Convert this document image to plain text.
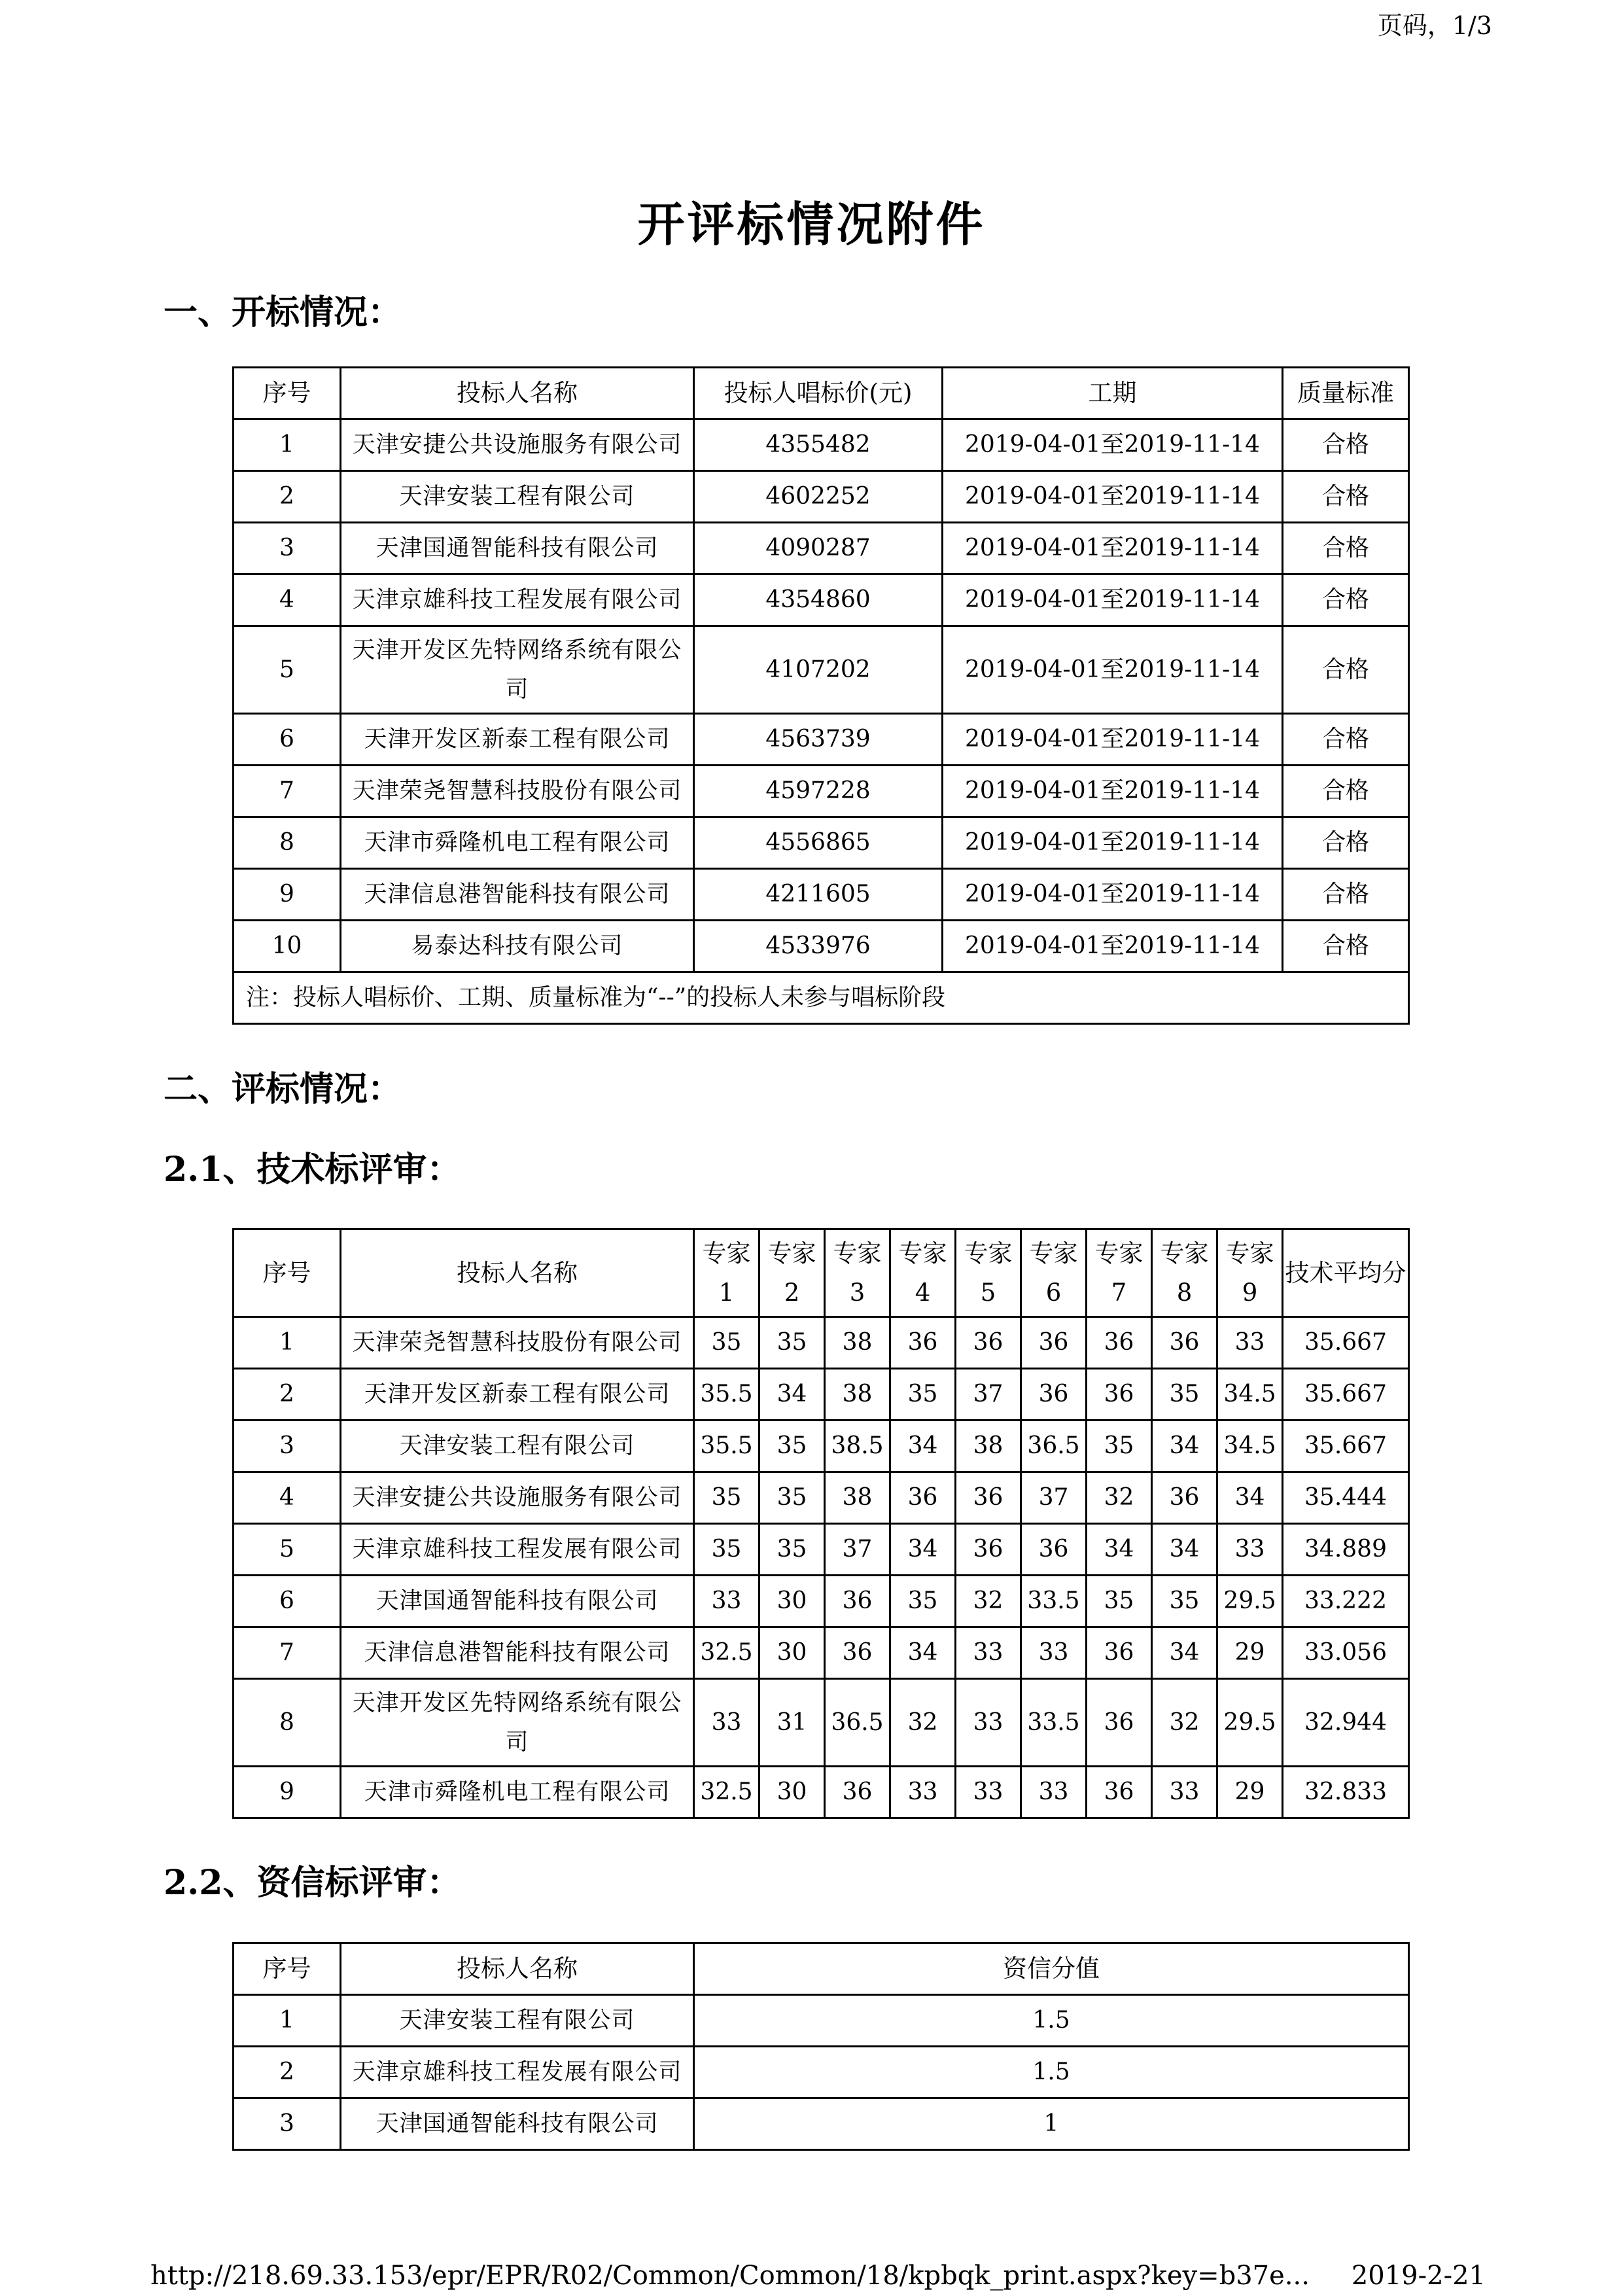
页码，1/3
开评标情况附件
一、开标情况：
序号	投标人名称	投标人唱标价(元)	工期	质量标准
1	天津安捷公共设施服务有限公司	4355482	2019-04-01至2019-11-14	合格
2	天津安装工程有限公司	4602252	2019-04-01至2019-11-14	合格
3	天津国通智能科技有限公司	4090287	2019-04-01至2019-11-14	合格
4	天津京雄科技工程发展有限公司	4354860	2019-04-01至2019-11-14	合格
5	天津开发区先特网络系统有限公司	4107202	2019-04-01至2019-11-14	合格
6	天津开发区新泰工程有限公司	4563739	2019-04-01至2019-11-14	合格
7	天津荣尧智慧科技股份有限公司	4597228	2019-04-01至2019-11-14	合格
8	天津市舜隆机电工程有限公司	4556865	2019-04-01至2019-11-14	合格
9	天津信息港智能科技有限公司	4211605	2019-04-01至2019-11-14	合格
10	易泰达科技有限公司	4533976	2019-04-01至2019-11-14	合格
注：投标人唱标价、工期、质量标准为“--”的投标人未参与唱标阶段				
二、评标情况：
2.1、技术标评审：
序号	投标人名称	专家1	专家2	专家3	专家4	专家5	专家6	专家7	专家8	专家9	技术平均分
1	天津荣尧智慧科技股份有限公司	35	35	38	36	36	36	36	36	33	35.667
2	天津开发区新泰工程有限公司	35.5	34	38	35	37	36	36	35	34.5	35.667
3	天津安装工程有限公司	35.5	35	38.5	34	38	36.5	35	34	34.5	35.667
4	天津安捷公共设施服务有限公司	35	35	38	36	36	37	32	36	34	35.444
5	天津京雄科技工程发展有限公司	35	35	37	34	36	36	34	34	33	34.889
6	天津国通智能科技有限公司	33	30	36	35	32	33.5	35	35	29.5	33.222
7	天津信息港智能科技有限公司	32.5	30	36	34	33	33	36	34	29	33.056
8	天津开发区先特网络系统有限公司	33	31	36.5	32	33	33.5	36	32	29.5	32.944
9	天津市舜隆机电工程有限公司	32.5	30	36	33	33	33	36	33	29	32.833
2.2、资信标评审：
序号	投标人名称	资信分值
1	天津安装工程有限公司	1.5
2	天津京雄科技工程发展有限公司	1.5
3	天津国通智能科技有限公司	1
http://218.69.33.153/epr/EPR/R02/Common/Common/18/kpbqk_print.aspx?key=b37e... 2019-2-21
